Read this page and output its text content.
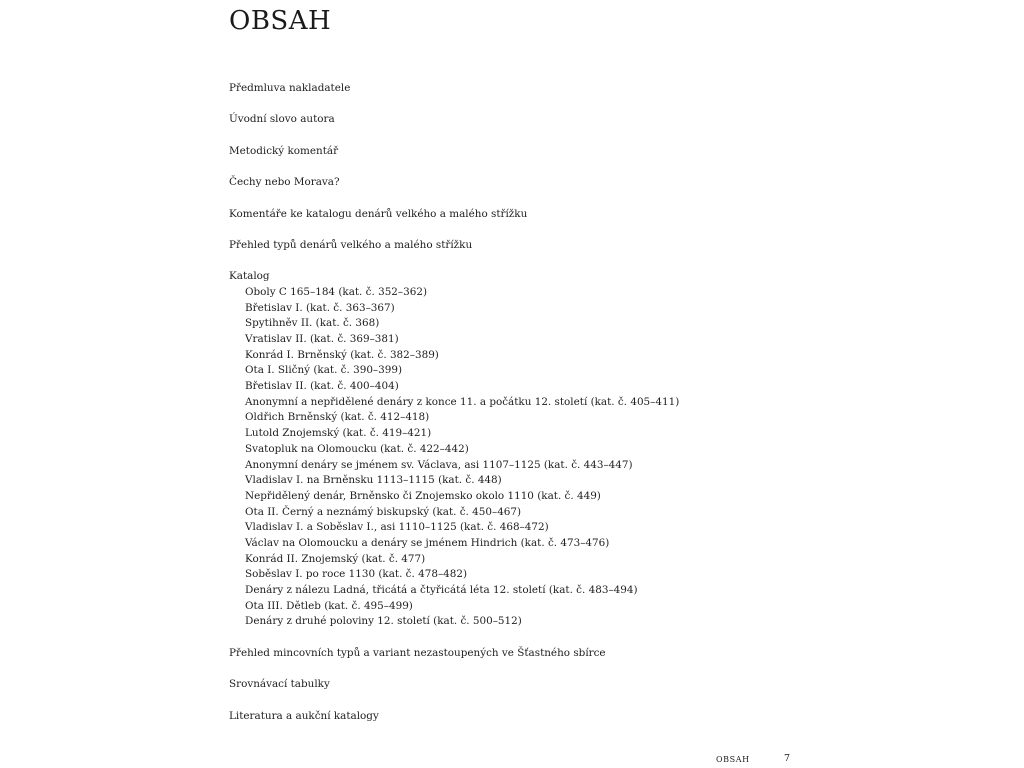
OBSAH
Předmluva nakladatele
Úvodní slovo autora
Metodický komentář
Čechy nebo Morava?
Komentáře ke katalogu denárů velkého a malého střížku
Přehled typů denárů velkého a malého střížku
Katalog
Oboly C 165–184 (kat. č. 352–362)
Břetislav I. (kat. č. 363–367)
Spytihněv II. (kat. č. 368)
Vratislav II. (kat. č. 369–381)
Konrád I. Brněnský (kat. č. 382–389)
Ota I. Sličný (kat. č. 390–399)
Břetislav II. (kat. č. 400–404)
Anonymní a nepřidělené denáry z konce 11. a počátku 12. století (kat. č. 405–411)
Oldřich Brněnský (kat. č. 412–418)
Lutold Znojemský (kat. č. 419–421)
Svatopluk na Olomoucku (kat. č. 422–442)
Anonymní denáry se jménem sv. Václava, asi 1107–1125 (kat. č. 443–447)
Vladislav I. na Brněnsku 1113–1115 (kat. č. 448)
Nepřidělený denár, Brněnsko či Znojemsko okolo 1110 (kat. č. 449)
Ota II. Černý a neznámý biskupský (kat. č. 450–467)
Vladislav I. a Soběslav I., asi 1110–1125 (kat. č. 468–472)
Václav na Olomoucku a denáry se jménem Hindrich (kat. č. 473–476)
Konrád II. Znojemský (kat. č. 477)
Soběslav I. po roce 1130 (kat. č. 478–482)
Denáry z nálezu Ladná, třicátá a čtyřicátá léta 12. století (kat. č. 483–494)
Ota III. Dětleb (kat. č. 495–499)
Denáry z druhé poloviny 12. století (kat. č. 500–512)
Přehled mincovních typů a variant nezastoupených ve Šťastného sbírce
Srovnávací tabulky
Literatura a aukční katalogy
OBSAH	7
